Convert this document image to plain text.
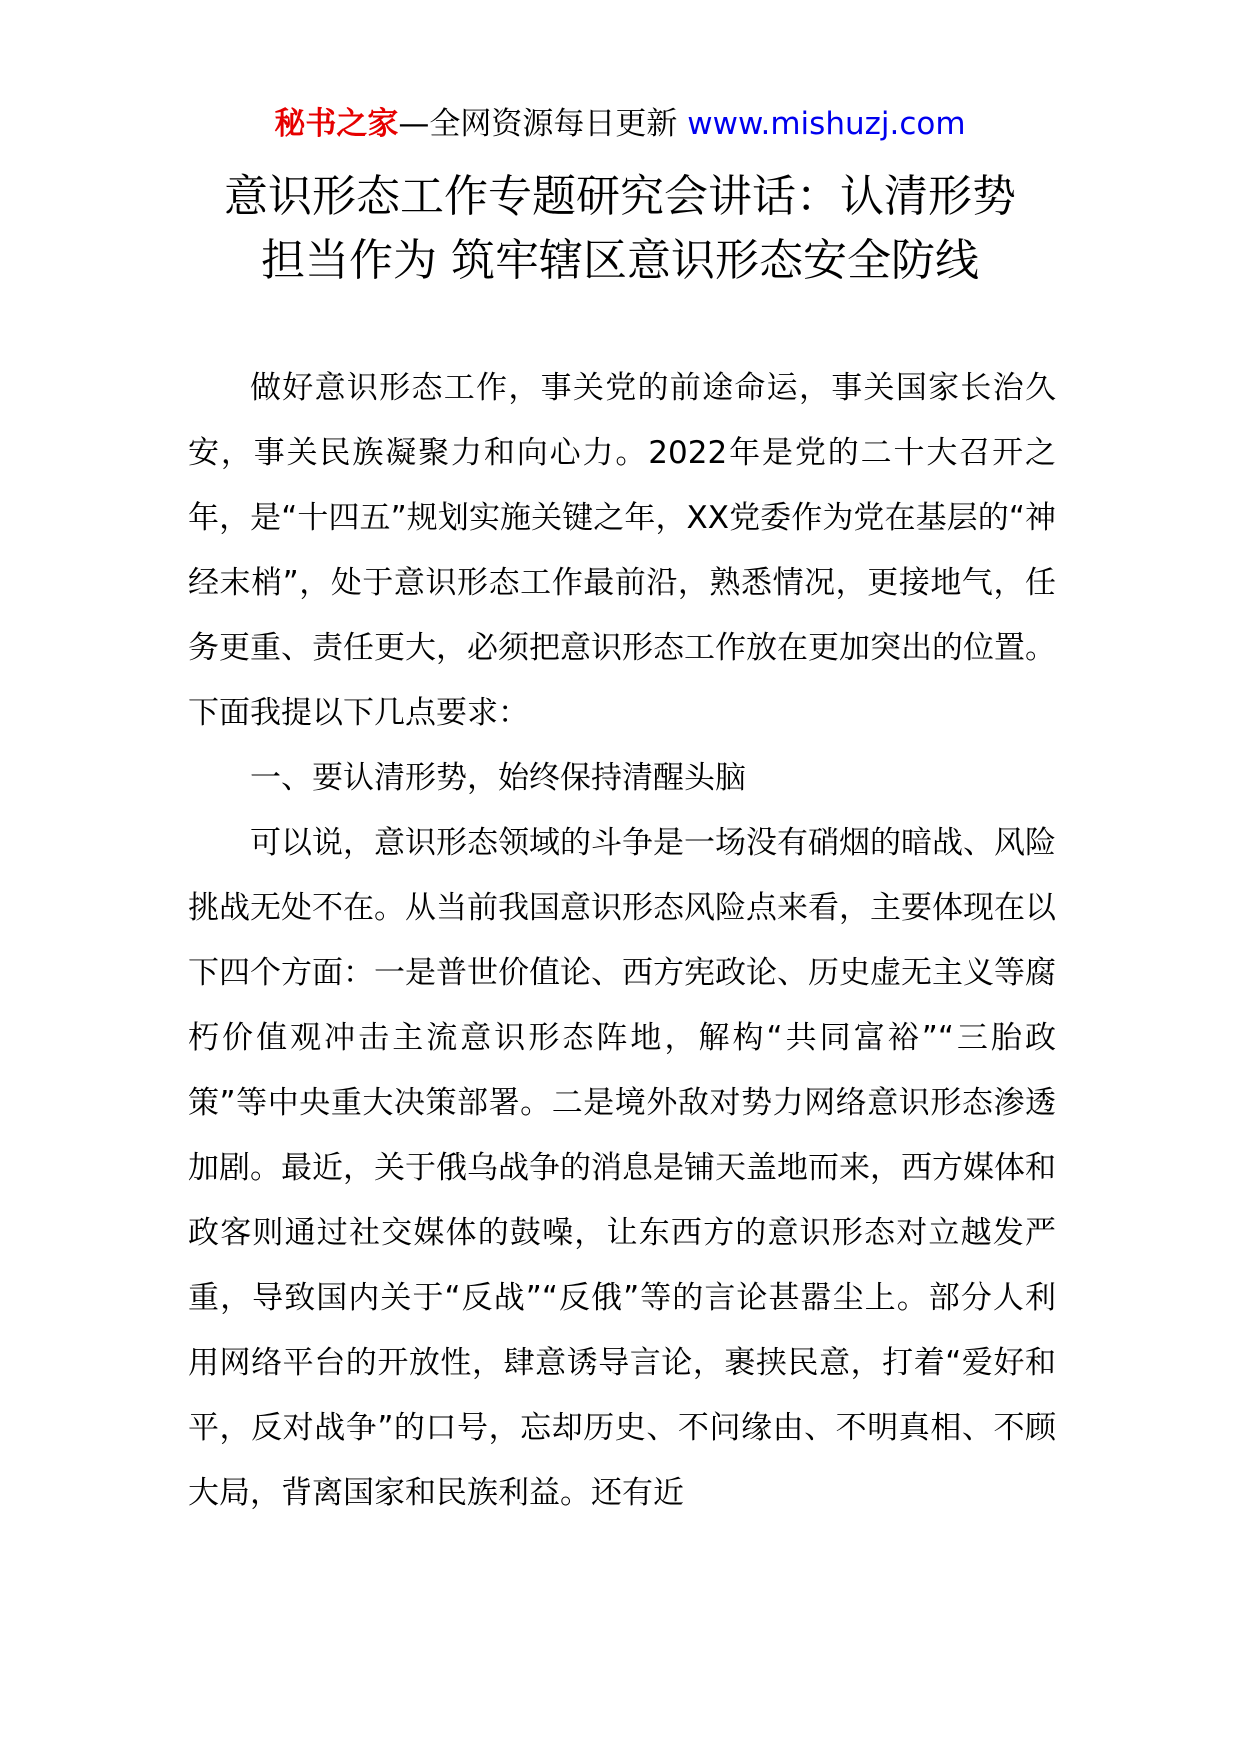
秘书之家—全网资源每日更新 www.mishuzj.com
意识形态工作专题研究会讲话：认清形势
担当作为 筑牢辖区意识形态安全防线

做好意识形态工作，事关党的前途命运，事关国家长治久安，事关民族凝聚力和向心力。2022年是党的二十大召开之年，是“十四五”规划实施关键之年，XX党委作为党在基层的“神经末梢”，处于意识形态工作最前沿，熟悉情况，更接地气，任务更重、责任更大，必须把意识形态工作放在更加突出的位置。下面我提以下几点要求：

一、要认清形势，始终保持清醒头脑

可以说，意识形态领域的斗争是一场没有硝烟的暗战、风险挑战无处不在。从当前我国意识形态风险点来看，主要体现在以下四个方面：一是普世价值论、西方宪政论、历史虚无主义等腐朽价值观冲击主流意识形态阵地，解构“共同富裕”“三胎政策”等中央重大决策部署。二是境外敌对势力网络意识形态渗透加剧。最近，关于俄乌战争的消息是铺天盖地而来，西方媒体和政客则通过社交媒体的鼓噪，让东西方的意识形态对立越发严重，导致国内关于“反战”“反俄”等的言论甚嚣尘上。部分人利用网络平台的开放性，肆意诱导言论，裹挟民意，打着“爱好和平，反对战争”的口号，忘却历史、不问缘由、不明真相、不顾大局，背离国家和民族利益。还有近
